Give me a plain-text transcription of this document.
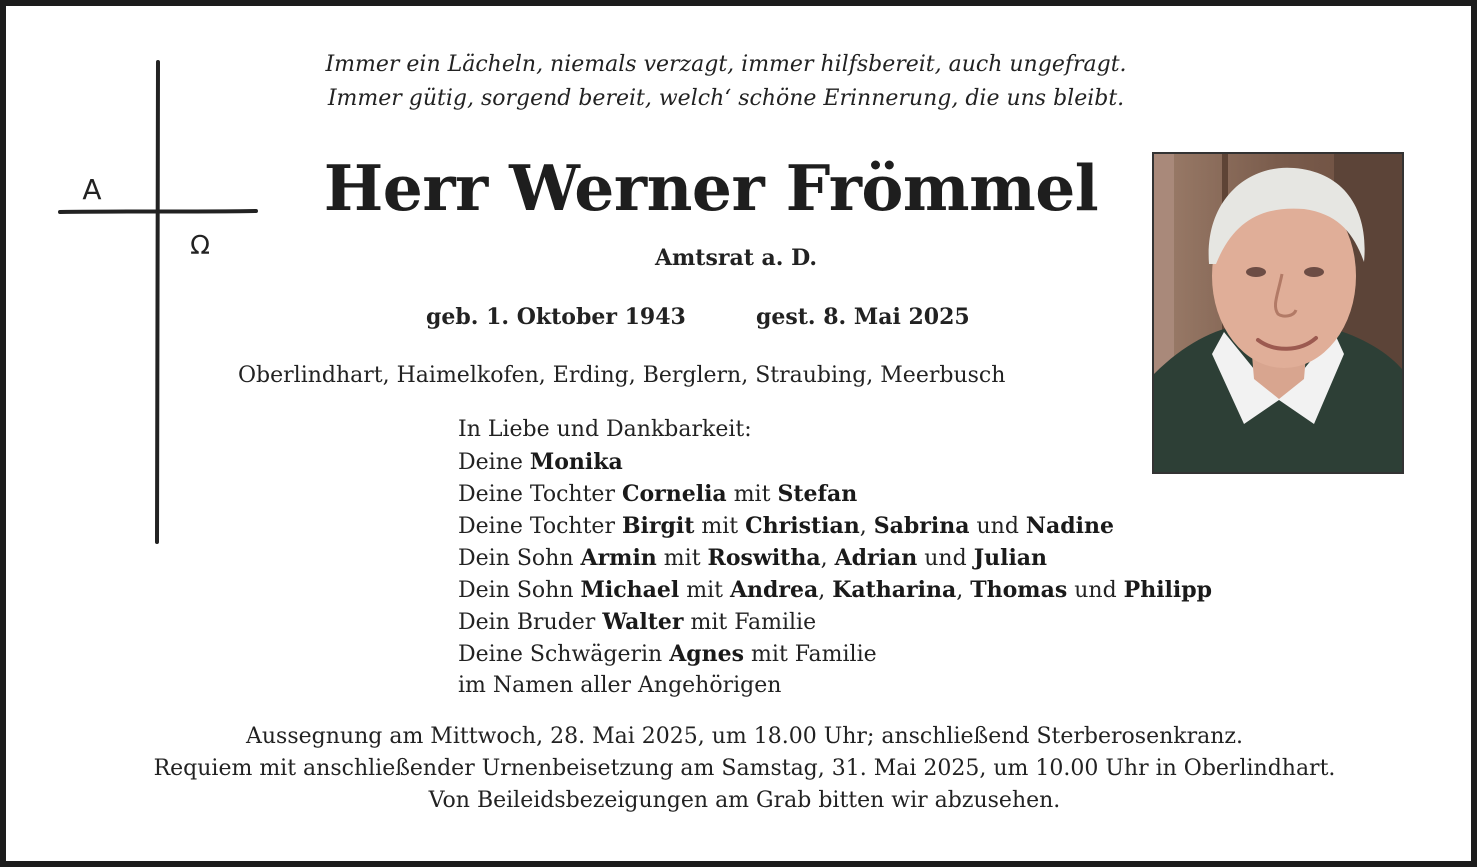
Immer ein Lächeln, niemals verzagt, immer hilfsbereit, auch ungefragt.
Immer gütig, sorgend bereit, welch‘ schöne Erinnerung, die uns bleibt.
A
Ω
Herr Werner Frömmel
Amtsrat a. D.
geb. 1. Oktober 1943	gest. 8. Mai 2025
Oberlindhart, Haimelkofen, Erding, Berglern, Straubing, Meerbusch
In Liebe und Dankbarkeit:
Deine Monika
Deine Tochter Cornelia mit Stefan
Deine Tochter Birgit mit Christian, Sabrina und Nadine
Dein Sohn Armin mit Roswitha, Adrian und Julian
Dein Sohn Michael mit Andrea, Katharina, Thomas und Philipp
Dein Bruder Walter mit Familie
Deine Schwägerin Agnes mit Familie
im Namen aller Angehörigen
Aussegnung am Mittwoch, 28. Mai 2025, um 18.00 Uhr; anschließend Sterberosenkranz.
Requiem mit anschließender Urnenbeisetzung am Samstag, 31. Mai 2025, um 10.00 Uhr in Oberlindhart.
Von Beileidsbezeigungen am Grab bitten wir abzusehen.
